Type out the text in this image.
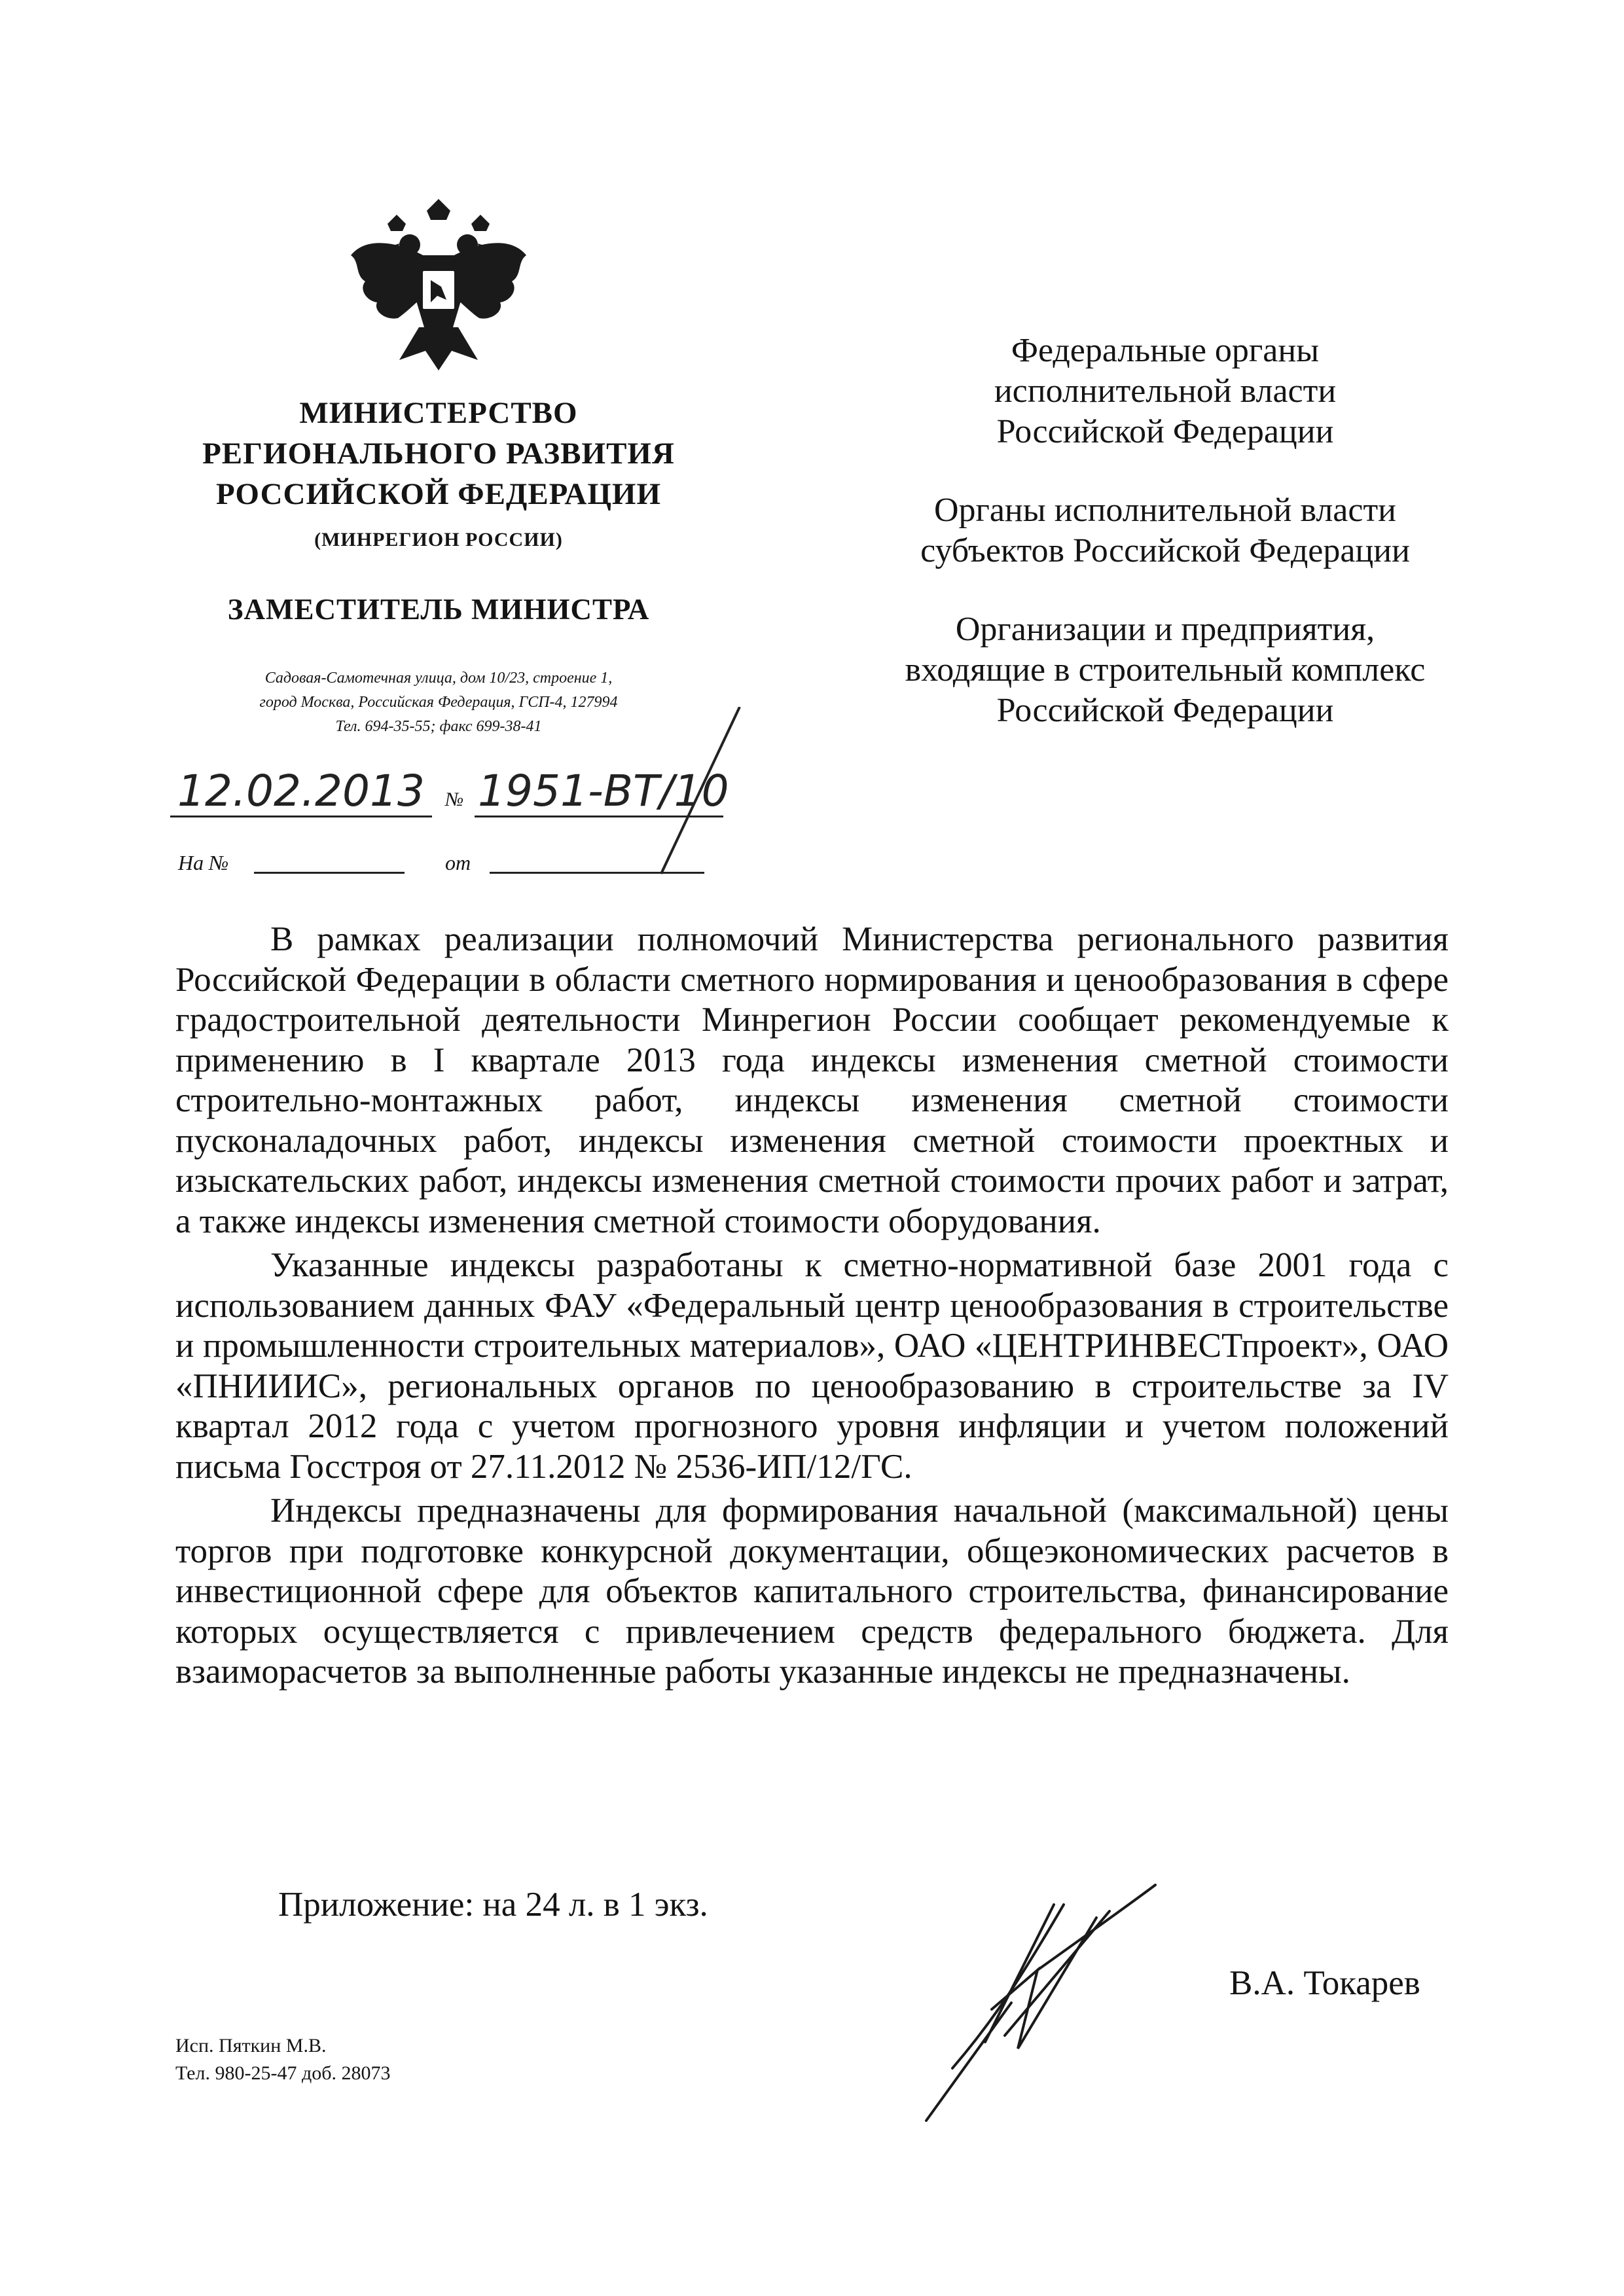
МИНИСТЕРСТВО
РЕГИОНАЛЬНОГО РАЗВИТИЯ
РОССИЙСКОЙ ФЕДЕРАЦИИ
(МИНРЕГИОН РОССИИ)
ЗАМЕСТИТЕЛЬ МИНИСТРА
Садовая-Самотечная улица, дом 10/23, строение 1,
город Москва, Российская Федерация, ГСП-4, 127994
Тел. 694-35-55; факс 699-38-41
12.02.2013 № 1951-ВТ/10
На №	от
Федеральные органы
исполнительной власти
Российской Федерации
Органы исполнительной власти
субъектов Российской Федерации
Организации и предприятия,
входящие в строительный комплекс
Российской Федерации

В рамках реализации полномочий Министерства регионального развития Российской Федерации в области сметного нормирования и ценообразования в сфере градостроительной деятельности Минрегион России сообщает рекомендуемые к применению в I квартале 2013 года индексы изменения сметной стоимости строительно-монтажных работ, индексы изменения сметной стоимости пусконаладочных работ, индексы изменения сметной стоимости проектных и изыскательских работ, индексы изменения сметной стоимости прочих работ и затрат, а также индексы изменения сметной стоимости оборудования.

Указанные индексы разработаны к сметно-нормативной базе 2001 года с использованием данных ФАУ «Федеральный центр ценообразования в строительстве и промышленности строительных материалов», ОАО «ЦЕНТРИНВЕСТпроект», ОАО «ПНИИИС», региональных органов по ценообразованию в строительстве за IV квартал 2012 года с учетом прогнозного уровня инфляции и учетом положений письма Госстроя от 27.11.2012 № 2536-ИП/12/ГС.

Индексы предназначены для формирования начальной (максимальной) цены торгов при подготовке конкурсной документации, общеэкономических расчетов в инвестиционной сфере для объектов капитального строительства, финансирование которых осуществляется с привлечением средств федерального бюджета. Для взаиморасчетов за выполненные работы указанные индексы не предназначены.

Приложение: на 24 л. в 1 экз.
В.А. Токарев
Исп. Пяткин М.В.
Тел. 980-25-47 доб. 28073
